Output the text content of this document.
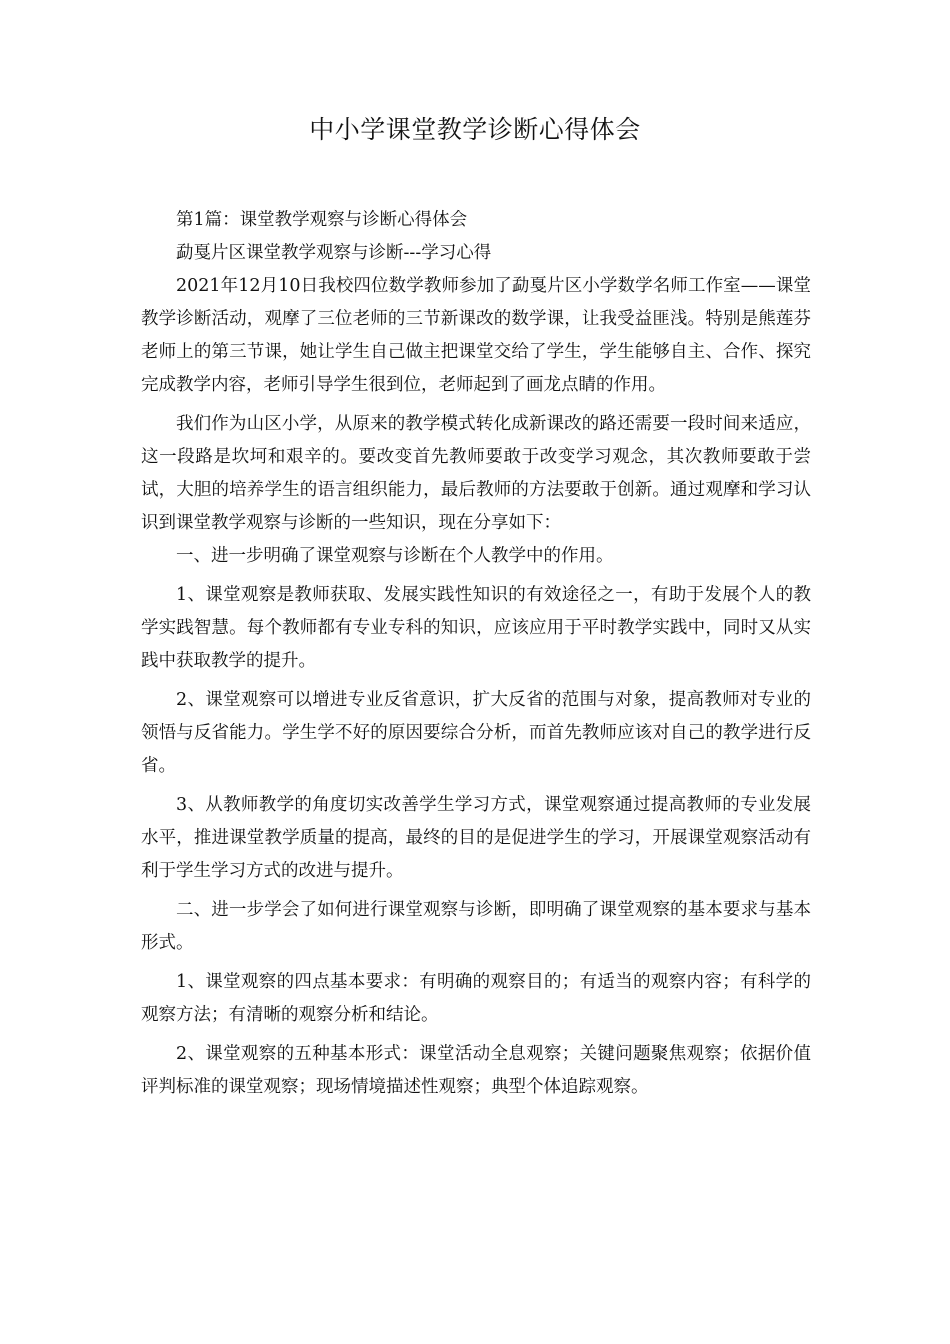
中小学课堂教学诊断心得体会

第1篇：课堂教学观察与诊断心得体会

勐戛片区课堂教学观察与诊断---学习心得

2021年12月10日我校四位数学教师参加了勐戛片区小学数学名师工作室——课堂教学诊断活动，观摩了三位老师的三节新课改的数学课，让我受益匪浅。特别是熊莲芬老师上的第三节课，她让学生自己做主把课堂交给了学生，学生能够自主、合作、探究完成教学内容，老师引导学生很到位，老师起到了画龙点睛的作用。

我们作为山区小学，从原来的教学模式转化成新课改的路还需要一段时间来适应，这一段路是坎坷和艰辛的。要改变首先教师要敢于改变学习观念，其次教师要敢于尝试，大胆的培养学生的语言组织能力，最后教师的方法要敢于创新。通过观摩和学习认识到课堂教学观察与诊断的一些知识，现在分享如下：

一、进一步明确了课堂观察与诊断在个人教学中的作用。

1、课堂观察是教师获取、发展实践性知识的有效途径之一，有助于发展个人的教学实践智慧。每个教师都有专业专科的知识，应该应用于平时教学实践中，同时又从实践中获取教学的提升。

2、课堂观察可以增进专业反省意识，扩大反省的范围与对象，提高教师对专业的领悟与反省能力。学生学不好的原因要综合分析，而首先教师应该对自己的教学进行反省。

3、从教师教学的角度切实改善学生学习方式，课堂观察通过提高教师的专业发展水平，推进课堂教学质量的提高，最终的目的是促进学生的学习，开展课堂观察活动有利于学生学习方式的改进与提升。

二、进一步学会了如何进行课堂观察与诊断，即明确了课堂观察的基本要求与基本形式。

1、课堂观察的四点基本要求：有明确的观察目的；有适当的观察内容；有科学的观察方法；有清晰的观察分析和结论。

2、课堂观察的五种基本形式：课堂活动全息观察；关键问题聚焦观察；依据价值评判标准的课堂观察；现场情境描述性观察；典型个体追踪观察。
